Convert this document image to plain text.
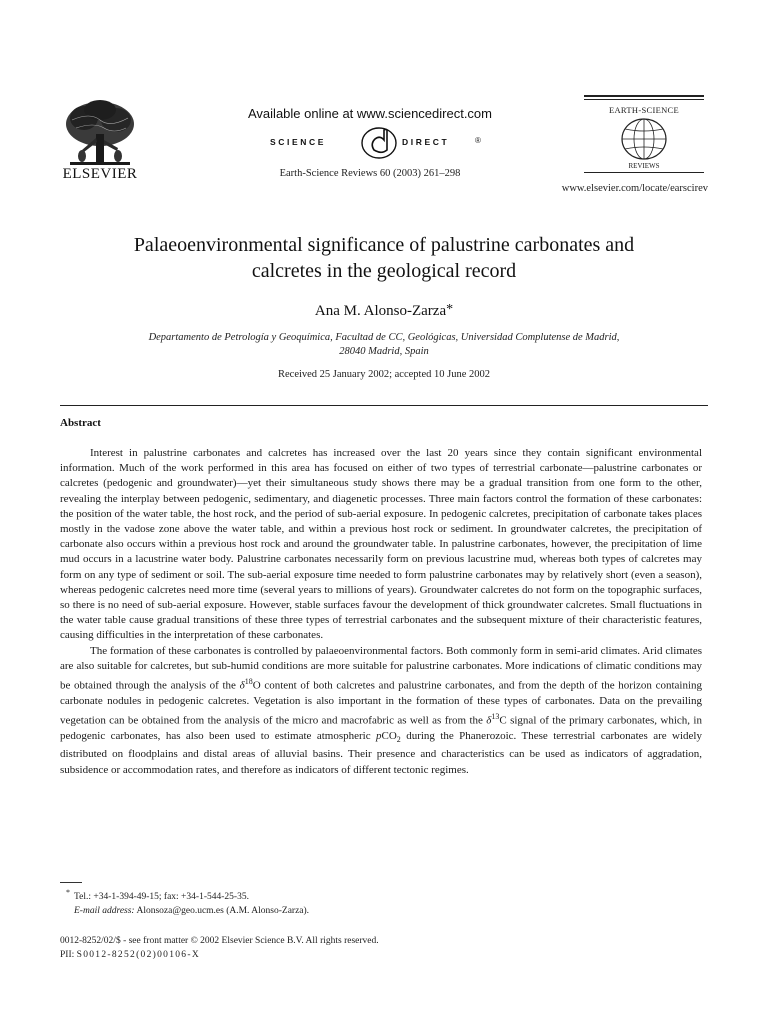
ELSEVIER
Available online at www.sciencedirect.com
SCIENCE	DIRECT	®
Earth-Science Reviews 60 (2003) 261–298
EARTH-SCIENCE
REVIEWS
www.elsevier.com/locate/earscirev
Palaeoenvironmental significance of palustrine carbonates and
calcretes in the geological record
Ana M. Alonso-Zarza*
Departamento de Petrología y Geoquímica, Facultad de CC, Geológicas, Universidad Complutense de Madrid,
28040 Madrid, Spain
Received 25 January 2002; accepted 10 June 2002
Abstract

Interest in palustrine carbonates and calcretes has increased over the last 20 years since they contain significant environmental information. Much of the work performed in this area has focused on either of two types of terrestrial carbonate—palustrine carbonates or calcretes (pedogenic and groundwater)—yet their simultaneous study shows there may be a gradual transition from one form to the other, revealing the interplay between pedogenic, sedimentary, and diagenetic processes. Three main factors control the formation of these carbonates: the position of the water table, the host rock, and the period of sub-aerial exposure. In pedogenic calcretes, precipitation of carbonate takes places mostly in the vadose zone above the water table, and within a previous host rock or sediment. In groundwater calcretes, the precipitation of carbonate also occurs within a previous host rock and around the groundwater table. In palustrine carbonates, however, the precipitation of lime mud occurs in a lacustrine water body. Palustrine carbonates necessarily form on previous lacustrine mud, whereas both types of calcretes may form on any type of sediment or soil. The sub-aerial exposure time needed to form palustrine carbonates may by relatively short (even a season), whereas pedogenic calcretes need more time (several years to millions of years). Groundwater calcretes do not form on the topographic surfaces, so there is no need of sub-aerial exposure. However, stable surfaces favour the development of thick groundwater calcretes. Small fluctuations in the water table cause gradual transitions of these three types of terrestrial carbonates and the subsequent mixture of their characteristic features, causing difficulties in the interpretation of these carbonates.

The formation of these carbonates is controlled by palaeoenvironmental factors. Both commonly form in semi-arid climates. Arid climates are also suitable for calcretes, but sub-humid conditions are more suitable for palustrine carbonates. More indications of climatic conditions may be obtained through the analysis of the $\delta^{18}O$ content of both calcretes and palustrine carbonates, and from the depth of the horizon containing carbonate nodules in pedogenic calcretes. Vegetation is also important in the formation of these types of carbonates. Data on the prevailing vegetation can be obtained from the analysis of the micro and macrofabric as well as from the $\delta^{13}C$ signal of the primary carbonates, which, in pedogenic carbonates, has also been used to estimate atmospheric pCO$_2$ during the Phanerozoic. These terrestrial carbonates are widely distributed on floodplains and distal areas of alluvial basins. Their presence and characteristics can be used as indicators of aggradation, subsidence or accommodation rates, and therefore as indicators of different tectonic regimes.

* Tel.: +34-1-394-49-15; fax: +34-1-544-25-35.
E-mail address: Alonsoza@geo.ucm.es (A.M. Alonso-Zarza).
0012-8252/02/$ - see front matter © 2002 Elsevier Science B.V. All rights reserved.
PII: S0012-8252(02)00106-X
